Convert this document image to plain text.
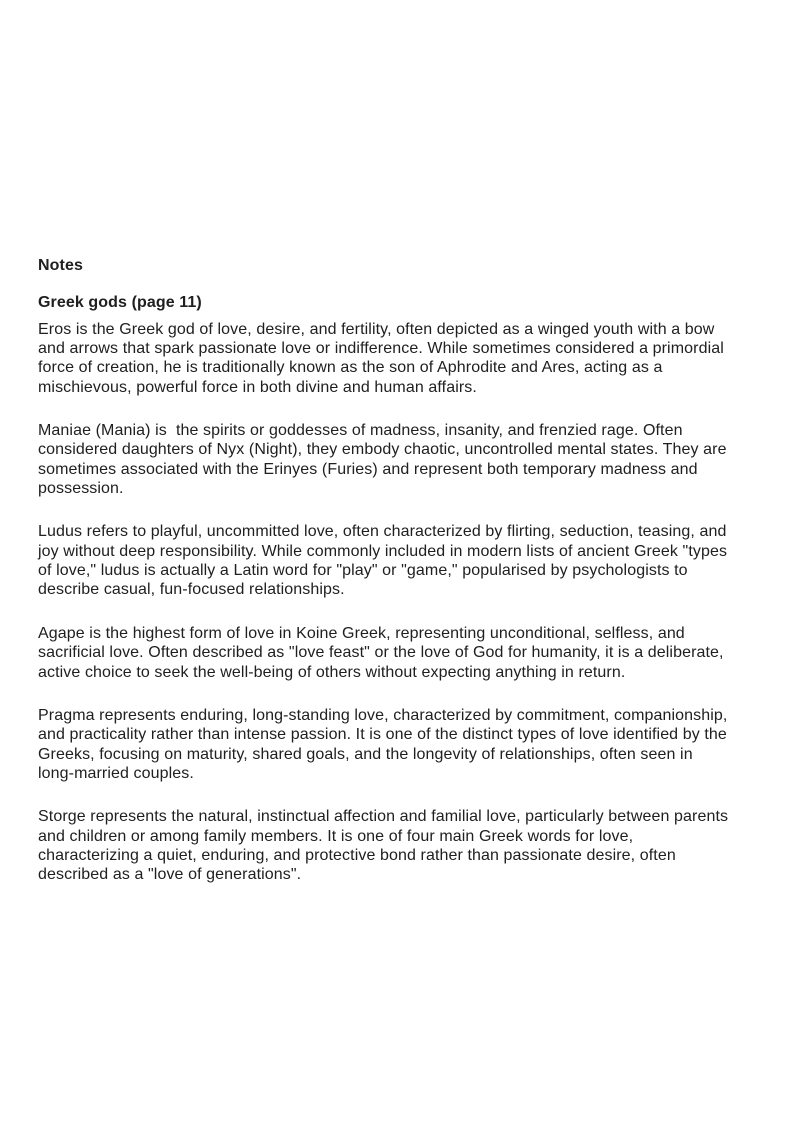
Notes
Greek gods (page 11)
Eros is the Greek god of love, desire, and fertility, often depicted as a winged youth with a bow
and arrows that spark passionate love or indifference. While sometimes considered a primordial
force of creation, he is traditionally known as the son of Aphrodite and Ares, acting as a
mischievous, powerful force in both divine and human affairs.
Maniae (Mania) is  the spirits or goddesses of madness, insanity, and frenzied rage. Often
considered daughters of Nyx (Night), they embody chaotic, uncontrolled mental states. They are
sometimes associated with the Erinyes (Furies) and represent both temporary madness and
possession.
Ludus refers to playful, uncommitted love, often characterized by flirting, seduction, teasing, and
joy without deep responsibility. While commonly included in modern lists of ancient Greek "types
of love," ludus is actually a Latin word for "play" or "game," popularised by psychologists to
describe casual, fun-focused relationships.
Agape is the highest form of love in Koine Greek, representing unconditional, selfless, and
sacrificial love. Often described as "love feast" or the love of God for humanity, it is a deliberate,
active choice to seek the well-being of others without expecting anything in return.
Pragma represents enduring, long-standing love, characterized by commitment, companionship,
and practicality rather than intense passion. It is one of the distinct types of love identified by the
Greeks, focusing on maturity, shared goals, and the longevity of relationships, often seen in
long-married couples.
Storge represents the natural, instinctual affection and familial love, particularly between parents
and children or among family members. It is one of four main Greek words for love,
characterizing a quiet, enduring, and protective bond rather than passionate desire, often
described as a "love of generations".
